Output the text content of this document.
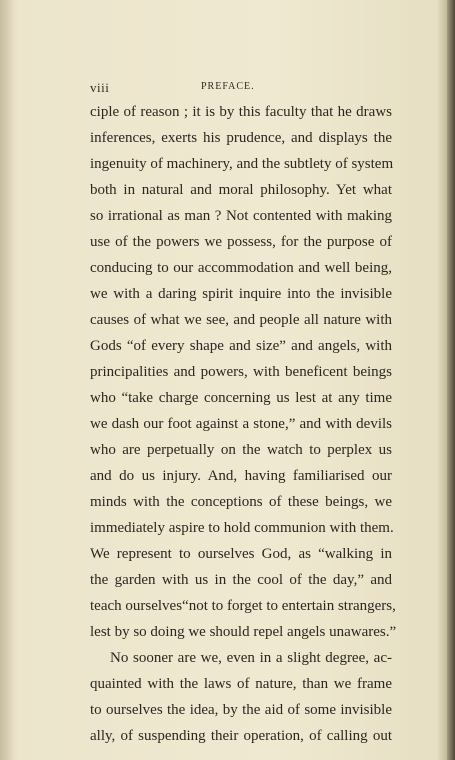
viii	PREFACE.
ciple of reason ; it is by this faculty that he draws
inferences, exerts his prudence, and displays the
ingenuity of machinery, and the subtlety of system
both in natural and moral philosophy. Yet what
so irrational as man ? Not contented with making
use of the powers we possess, for the purpose of
conducing to our accommodation and well being,
we with a daring spirit inquire into the invisible
causes of what we see, and people all nature with
Gods “of every shape and size” and angels, with
principalities and powers, with beneficent beings
who “take charge concerning us lest at any time
we dash our foot against a stone,” and with devils
who are perpetually on the watch to perplex us
and do us injury. And, having familiarised our
minds with the conceptions of these beings, we
immediately aspire to hold communion with them.
We represent to ourselves God, as “walking in
the garden with us in the cool of the day,” and
teach ourselves“not to forget to entertain strangers,
lest by so doing we should repel angels unawares.”
No sooner are we, even in a slight degree, ac-
quainted with the laws of nature, than we frame
to ourselves the idea, by the aid of some invisible
ally, of suspending their operation, of calling out
